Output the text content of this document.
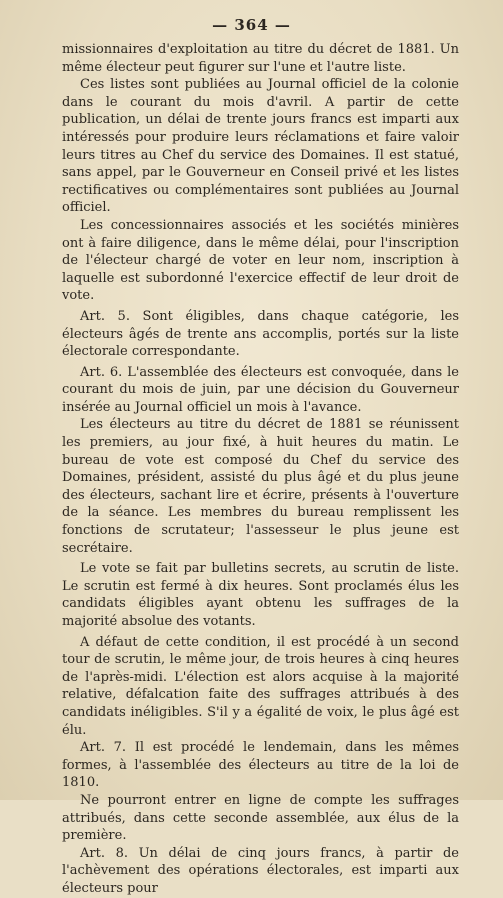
— 364 —

missionnaires d'exploitation au titre du décret de 1881. Un même électeur peut figurer sur l'une et l'autre liste.

Ces listes sont publiées au Journal officiel de la colonie dans le courant du mois d'avril. A partir de cette publication, un délai de trente jours francs est imparti aux intéressés pour produire leurs réclamations et faire valoir leurs titres au Chef du service des Domaines. Il est statué, sans appel, par le Gouverneur en Conseil privé et les listes rectificatives ou complémentaires sont publiées au Journal officiel.

Les concessionnaires associés et les sociétés minières ont à faire diligence, dans le même délai, pour l'inscription de l'électeur chargé de voter en leur nom, inscription à laquelle est subordonné l'exercice effectif de leur droit de vote.

Art. 5. Sont éligibles, dans chaque catégorie, les électeurs âgés de trente ans accomplis, portés sur la liste électorale correspondante.

Art. 6. L'assemblée des électeurs est convoquée, dans le courant du mois de juin, par une décision du Gouverneur insérée au Journal officiel un mois à l'avance.

Les électeurs au titre du décret de 1881 se réunissent les premiers, au jour fixé, à huit heures du matin. Le bureau de vote est composé du Chef du service des Domaines, président, assisté du plus âgé et du plus jeune des électeurs, sachant lire et écrire, présents à l'ouverture de la séance. Les membres du bureau remplissent les fonctions de scrutateur; l'assesseur le plus jeune est secrétaire.

Le vote se fait par bulletins secrets, au scrutin de liste. Le scrutin est fermé à dix heures. Sont proclamés élus les candidats éligibles ayant obtenu les suffrages de la majorité absolue des votants.

A défaut de cette condition, il est procédé à un second tour de scrutin, le même jour, de trois heures à cinq heures de l'après-midi. L'élection est alors acquise à la majorité relative, défalcation faite des suffrages attribués à des candidats inéligibles. S'il y a égalité de voix, le plus âgé est élu.

Art. 7. Il est procédé le lendemain, dans les mêmes formes, à l'assemblée des électeurs au titre de la loi de 1810.

Ne pourront entrer en ligne de compte les suffrages attribués, dans cette seconde assemblée, aux élus de la première.

Art. 8. Un délai de cinq jours francs, à partir de l'achèvement des opérations électorales, est imparti aux électeurs pour
